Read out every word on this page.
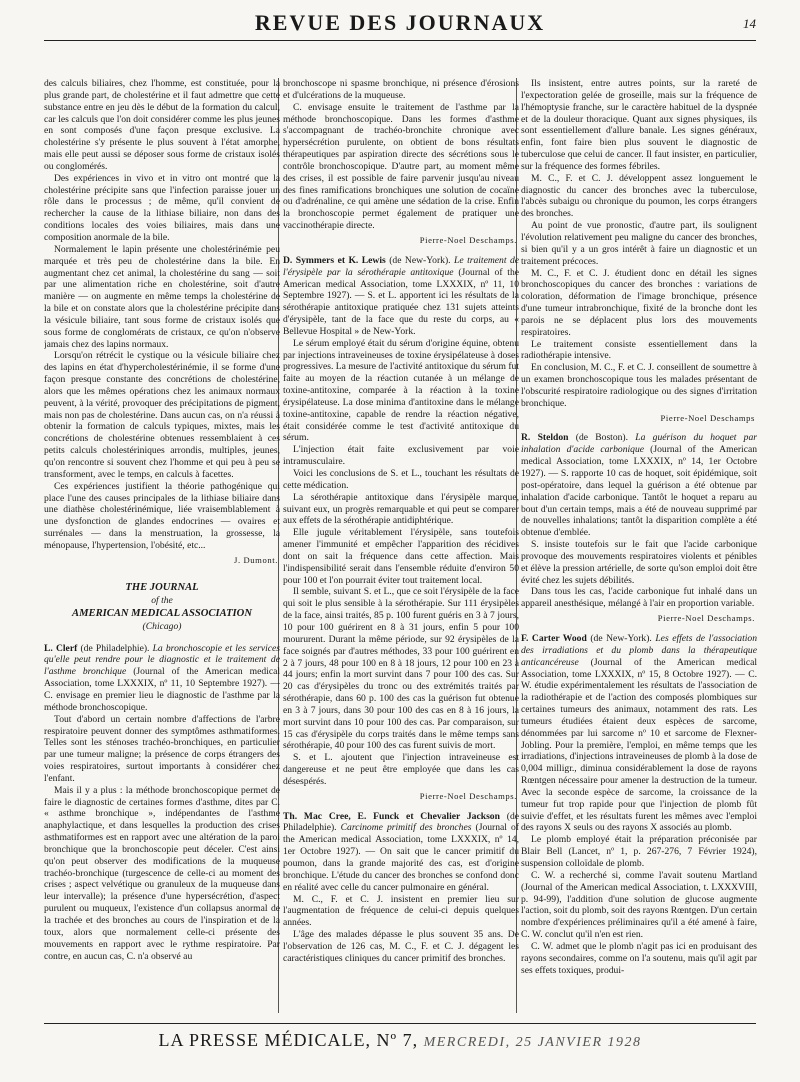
REVUE DES JOURNAUX	14

des calculs biliaires, chez l'homme, est constituée, pour la plus grande part, de cholestérine et il faut admettre que cette substance entre en jeu dès le début de la formation du calcul, car les calculs que l'on doit considérer comme les plus jeunes en sont composés d'une façon presque exclusive. La cholestérine s'y présente le plus souvent à l'état amorphe, mais elle peut aussi se déposer sous forme de cristaux isolés ou conglomérés.

Des expériences in vivo et in vitro ont montré que la cholestérine précipite sans que l'infection paraisse jouer un rôle dans le processus ; de même, qu'il convient de rechercher la cause de la lithiase biliaire, non dans des conditions locales des voies biliaires, mais dans une composition anormale de la bile.

Normalement le lapin présente une cholestérinémie peu marquée et très peu de cholestérine dans la bile. En augmentant chez cet animal, la cholestérine du sang — soit par une alimentation riche en cholestérine, soit d'autre manière — on augmente en même temps la cholestérine de la bile et on constate alors que la cholestérine précipite dans la vésicule biliaire, tant sous forme de cristaux isolés que sous forme de conglomérats de cristaux, ce qu'on n'observe jamais chez des lapins normaux.

Lorsqu'on rétrécit le cystique ou la vésicule biliaire chez des lapins en état d'hypercholestérinémie, il se forme d'une façon presque constante des concrétions de cholestérine, alors que les mêmes opérations chez les animaux normaux peuvent, à la vérité, provoquer des précipitations de pigment, mais non pas de cholestérine. Dans aucun cas, on n'a réussi à obtenir la formation de calculs typiques, mixtes, mais les concrétions de cholestérine obtenues ressemblaient à ces petits calculs cholestériniques arrondis, multiples, jeunes, qu'on rencontre si souvent chez l'homme et qui peu à peu se transforment, avec le temps, en calculs à facettes.

Ces expériences justifient la théorie pathogénique qui place l'une des causes principales de la lithiase biliaire dans une diathèse cholestérinémique, liée vraisemblablement à une dysfonction de glandes endocrines — ovaires et surrénales — dans la menstruation, la grossesse, la ménopause, l'hypertension, l'obésité, etc...

J. Dumont.
THE JOURNAL
of the
AMERICAN MEDICAL ASSOCIATION
(Chicago)

L. Clerf (de Philadelphie). La bronchoscopie et les services qu'elle peut rendre pour le diagnostic et le traitement de l'asthme bronchique (Journal of the American medical Association, tome LXXXIX, nº 11, 10 Septembre 1927). — C. envisage en premier lieu le diagnostic de l'asthme par la méthode bronchoscopique.

Tout d'abord un certain nombre d'affections de l'arbre respiratoire peuvent donner des symptômes asthmatiformes. Telles sont les sténoses trachéo-bronchiques, en particulier par une tumeur maligne; la présence de corps étrangers des voies respiratoires, surtout importants à considérer chez l'enfant.

Mais il y a plus : la méthode bronchoscopique permet de faire le diagnostic de certaines formes d'asthme, dites par C. « asthme bronchique », indépendantes de l'asthme anaphylactique, et dans lesquelles la production des crises asthmatiformes est en rapport avec une altération de la paroi bronchique que la bronchoscopie peut déceler. C'est ainsi qu'on peut observer des modifications de la muqueuse trachéo-bronchique (turgescence de celle-ci au moment des crises ; aspect velvétique ou granuleux de la muqueuse dans leur intervalle); la présence d'une hypersécrétion, d'aspect purulent ou muqueux, l'existence d'un collapsus anormal de la trachée et des bronches au cours de l'inspiration et de la toux, alors que normalement celle-ci présente des mouvements en rapport avec le rythme respiratoire. Par contre, en aucun cas, C. n'a observé au

bronchoscope ni spasme bronchique, ni présence d'érosions et d'ulcérations de la muqueuse.

C. envisage ensuite le traitement de l'asthme par la méthode bronchoscopique. Dans les formes d'asthme s'accompagnant de trachéo-bronchite chronique avec hypersécrétion purulente, on obtient de bons résultats thérapeutiques par aspiration directe des sécrétions sous le contrôle bronchoscopique. D'autre part, au moment même des crises, il est possible de faire parvenir jusqu'au niveau des fines ramifications bronchiques une solution de cocaïne ou d'adrénaline, ce qui amène une sédation de la crise. Enfin la bronchoscopie permet également de pratiquer une vaccinothérapie directe.

Pierre-Noel Deschamps.

D. Symmers et K. Lewis (de New-York). Le traitement de l'érysipèle par la sérothérapie antitoxique (Journal of the American medical Association, tome LXXXIX, nº 11, 10 Septembre 1927). — S. et L. apportent ici les résultats de la sérothérapie antitoxique pratiquée chez 131 sujets atteints d'érysipèle, tant de la face que du reste du corps, au « Bellevue Hospital » de New-York.

Le sérum employé était du sérum d'origine équine, obtenu par injections intraveineuses de toxine érysipélateuse à doses progressives. La mesure de l'activité antitoxique du sérum fut faite au moyen de la réaction cutanée à un mélange de toxine-antitoxine, comparée à la réaction à la toxine érysipélateuse. La dose minima d'antitoxine dans le mélange toxine-antitoxine, capable de rendre la réaction négative, était considérée comme le test d'activité antitoxique du sérum.

L'injection était faite exclusivement par voie intramusculaire.

Voici les conclusions de S. et L., touchant les résultats de cette médication.

La sérothérapie antitoxique dans l'érysipèle marque, suivant eux, un progrès remarquable et qui peut se comparer aux effets de la sérothérapie antidiphtérique.

Elle jugule véritablement l'érysipèle, sans toutefois amener l'immunité et empêcher l'apparition des récidives dont on sait la fréquence dans cette affection. Mais l'indispensibilité serait dans l'ensemble réduite d'environ 50 pour 100 et l'on pourrait éviter tout traitement local.

Il semble, suivant S. et L., que ce soit l'érysipèle de la face qui soit le plus sensible à la sérothérapie. Sur 111 érysipèles de la face, ainsi traités, 85 p. 100 furent guéris en 3 à 7 jours, 10 pour 100 guérirent en 8 à 31 jours, enfin 5 pour 100 moururent. Durant la même période, sur 92 érysipèles de la face soignés par d'autres méthodes, 33 pour 100 guérirent en 2 à 7 jours, 48 pour 100 en 8 à 18 jours, 12 pour 100 en 23 à 44 jours; enfin la mort survint dans 7 pour 100 des cas. Sur 20 cas d'érysipèles du tronc ou des extrémités traités par sérothérapie, dans 60 p. 100 des cas la guérison fut obtenue en 3 à 7 jours, dans 30 pour 100 des cas en 8 à 16 jours, la mort survint dans 10 pour 100 des cas. Par comparaison, sur 15 cas d'érysipèle du corps traités dans le même temps sans sérothérapie, 40 pour 100 des cas furent suivis de mort.

S. et L. ajoutent que l'injection intraveineuse est dangereuse et ne peut être employée que dans les cas désespérés.

Pierre-Noel Deschamps.

Th. Mac Cree, E. Funck et Chevalier Jackson (de Philadelphie). Carcinome primitif des bronches (Journal of the American medical Association, tome LXXXIX, nº 14, 1er Octobre 1927). — On sait que le cancer primitif du poumon, dans la grande majorité des cas, est d'origine bronchique. L'étude du cancer des bronches se confond donc en réalité avec celle du cancer pulmonaire en général.

M. C., F. et C. J. insistent en premier lieu sur l'augmentation de fréquence de celui-ci depuis quelques années.

L'âge des malades dépasse le plus souvent 35 ans. De l'observation de 126 cas, M. C., F. et C. J. dégagent les caractéristiques cliniques du cancer primitif des bronches.

Ils insistent, entre autres points, sur la rareté de l'expectoration gelée de groseille, mais sur la fréquence de l'hémoptysie franche, sur le caractère habituel de la dyspnée et de la douleur thoracique. Quant aux signes physiques, ils sont essentiellement d'allure banale. Les signes généraux, enfin, font faire bien plus souvent le diagnostic de tuberculose que celui de cancer. Il faut insister, en particulier, sur la fréquence des formes fébriles.

M. C., F. et C. J. développent assez longuement le diagnostic du cancer des bronches avec la tuberculose, l'abcès subaigu ou chronique du poumon, les corps étrangers des bronches.

Au point de vue pronostic, d'autre part, ils soulignent l'évolution relativement peu maligne du cancer des bronches, si bien qu'il y a un gros intérêt à faire un diagnostic et un traitement précoces.

M. C., F. et C. J. étudient donc en détail les signes bronchoscopiques du cancer des bronches : variations de coloration, déformation de l'image bronchique, présence d'une tumeur intrabronchique, fixité de la bronche dont les parois ne se déplacent plus lors des mouvements respiratoires.

Le traitement consiste essentiellement dans la radiothérapie intensive.

En conclusion, M. C., F. et C. J. conseillent de soumettre à un examen bronchoscopique tous les malades présentant de l'obscurité respiratoire radiologique ou des signes d'irritation bronchique.

Pierre-Noel Deschamps

R. Steldon (de Boston). La guérison du hoquet par inhalation d'acide carbonique (Journal of the American medical Association, tome LXXXIX, nº 14, 1er Octobre 1927). — S. rapporte 10 cas de hoquet, soit épidémique, soit post-opératoire, dans lequel la guérison a été obtenue par inhalation d'acide carbonique. Tantôt le hoquet a reparu au bout d'un certain temps, mais a été de nouveau supprimé par de nouvelles inhalations; tantôt la disparition complète a été obtenue d'emblée.

S. insiste toutefois sur le fait que l'acide carbonique provoque des mouvements respiratoires violents et pénibles et élève la pression artérielle, de sorte qu'son emploi doit être évité chez les sujets débilités.

Dans tous les cas, l'acide carbonique fut inhalé dans un appareil anesthésique, mélangé à l'air en proportion variable.

Pierre-Noel Deschamps.

F. Carter Wood (de New-York). Les effets de l'association des irradiations et du plomb dans la thérapeutique anticancéreuse (Journal of the American medical Association, tome LXXXIX, nº 15, 8 Octobre 1927). — C. W. étudie expérimentalement les résultats de l'association de la radiothérapie et de l'action des composés plombiques sur certaines tumeurs des animaux, notamment des rats. Les tumeurs étudiées étaient deux espèces de sarcome, dénommées par lui sarcome nº 10 et sarcome de Flexner-Jobling. Pour la première, l'emploi, en même temps que les irradiations, d'injections intraveineuses de plomb à la dose de 0,004 milligr., diminua considérablement la dose de rayons Rœntgen nécessaire pour amener la destruction de la tumeur. Avec la seconde espèce de sarcome, la croissance de la tumeur fut trop rapide pour que l'injection de plomb fût suivie d'effet, et les résultats furent les mêmes avec l'emploi des rayons X seuls ou des rayons X associés au plomb.

Le plomb employé était la préparation préconisée par Blair Bell (Lancet, nº 1, p. 267-276, 7 Février 1924), suspension colloïdale de plomb.

C. W. a recherché si, comme l'avait soutenu Martland (Journal of the American medical Association, t. LXXXVIII, p. 94-99), l'addition d'une solution de glucose augmente l'action, soit du plomb, soit des rayons Rœntgen. D'un certain nombre d'expériences préliminaires qu'il a été amené à faire, C. W. conclut qu'il n'en est rien.

C. W. admet que le plomb n'agit pas ici en produisant des rayons secondaires, comme on l'a soutenu, mais qu'il agit par ses effets toxiques, produi-

LA PRESSE MÉDICALE, Nº 7, MERCREDI, 25 JANVIER 1928
